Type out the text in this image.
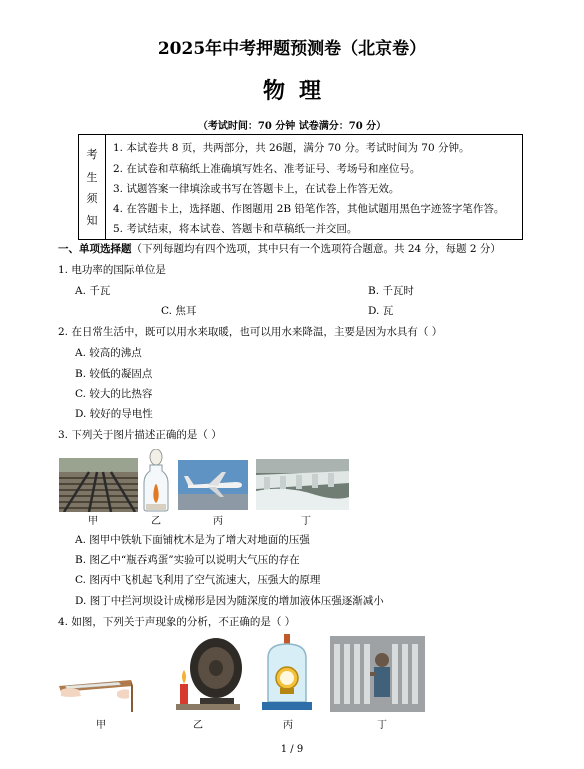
2025年中考押题预测卷（北京卷）
物理
（考试时间：70 分钟 试卷满分：70 分）
考
生
须
知
1. 本试卷共 8 页，共两部分，共 26题，满分 70 分。考试时间为 70 分钟。
2. 在试卷和草稿纸上准确填写姓名、准考证号、考场号和座位号。
3. 试题答案一律填涂或书写在答题卡上，在试卷上作答无效。
4. 在答题卡上，选择题、作图题用 2B 铅笔作答，其他试题用黑色字迹签字笔作答。
5. 考试结束，将本试卷、答题卡和草稿纸一并交回。
一、单项选择题（下列每题均有四个选项，其中只有一个选项符合题意。共 24 分，每题 2 分）
1. 电功率的国际单位是
A. 千瓦	B. 千瓦时
C. 焦耳	D. 瓦
2. 在日常生活中，既可以用水来取暖，也可以用水来降温，主要是因为水具有（ ）
A. 较高的沸点
B. 较低的凝固点
C. 较大的比热容
D. 较好的导电性
3. 下列关于图片描述正确的是（ ）
甲	乙	丙	丁
A. 图甲中铁轨下面铺枕木是为了增大对地面的压强
B. 图乙中“瓶吞鸡蛋”实验可以说明大气压的存在
C. 图丙中飞机起飞利用了空气流速大，压强大的原理
D. 图丁中拦河坝设计成梯形是因为随深度的增加液体压强逐渐减小
4. 如图，下列关于声现象的分析，不正确的是（ ）
甲	乙	丙	丁
1 / 9
